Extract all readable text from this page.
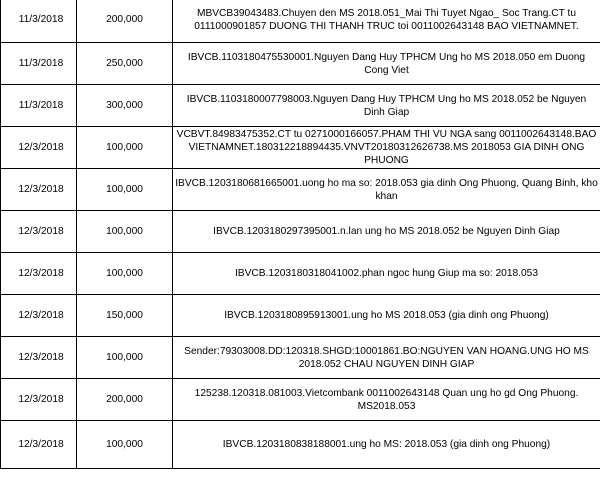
11/3/2018	200,000	MBVCB39043483.Chuyen den MS 2018.051_Mai Thi Tuyet Ngao_ Soc Trang.CT tu 0111000901857 DUONG THI THANH TRUC toi 0011002643148 BAO VIETNAMNET.
11/3/2018	250,000	IBVCB.1103180475530001.Nguyen Dang Huy TPHCM Ung ho MS 2018.050 em Duong Cong Viet
11/3/2018	300,000	IBVCB.1103180007798003.Nguyen Dang Huy TPHCM Ung ho MS 2018.052 be Nguyen Dinh Giap
12/3/2018	100,000	VCBVT.84983475352.CT tu 0271000166057.PHAM THI VU NGA sang 0011002643148.BAO VIETNAMNET.180312218894435.VNVT20180312626738.MS 2018053 GIA DINH ONG PHUONG
12/3/2018	100,000	IBVCB.1203180681665001.uong ho ma so: 2018.053 gia dinh Ong Phuong, Quang Binh, kho khan
12/3/2018	100,000	IBVCB.1203180297395001.n.lan ung ho MS 2018.052 be Nguyen Dinh Giap
12/3/2018	100,000	IBVCB.1203180318041002.phan ngoc hung Giup ma so: 2018.053
12/3/2018	150,000	IBVCB.1203180895913001.ung ho MS 2018.053 (gia dinh ong Phuong)
12/3/2018	100,000	Sender:79303008.DD:120318.SHGD:10001861.BO:NGUYEN VAN HOANG.UNG HO MS 2018.052 CHAU NGUYEN DINH GIAP
12/3/2018	200,000	125238.120318.081003.Vietcombank 0011002643148 Quan ung ho gd Ong Phuong. MS2018.053
12/3/2018	100,000	IBVCB.1203180838188001.ung ho MS: 2018.053 (gia dinh ong Phuong)
